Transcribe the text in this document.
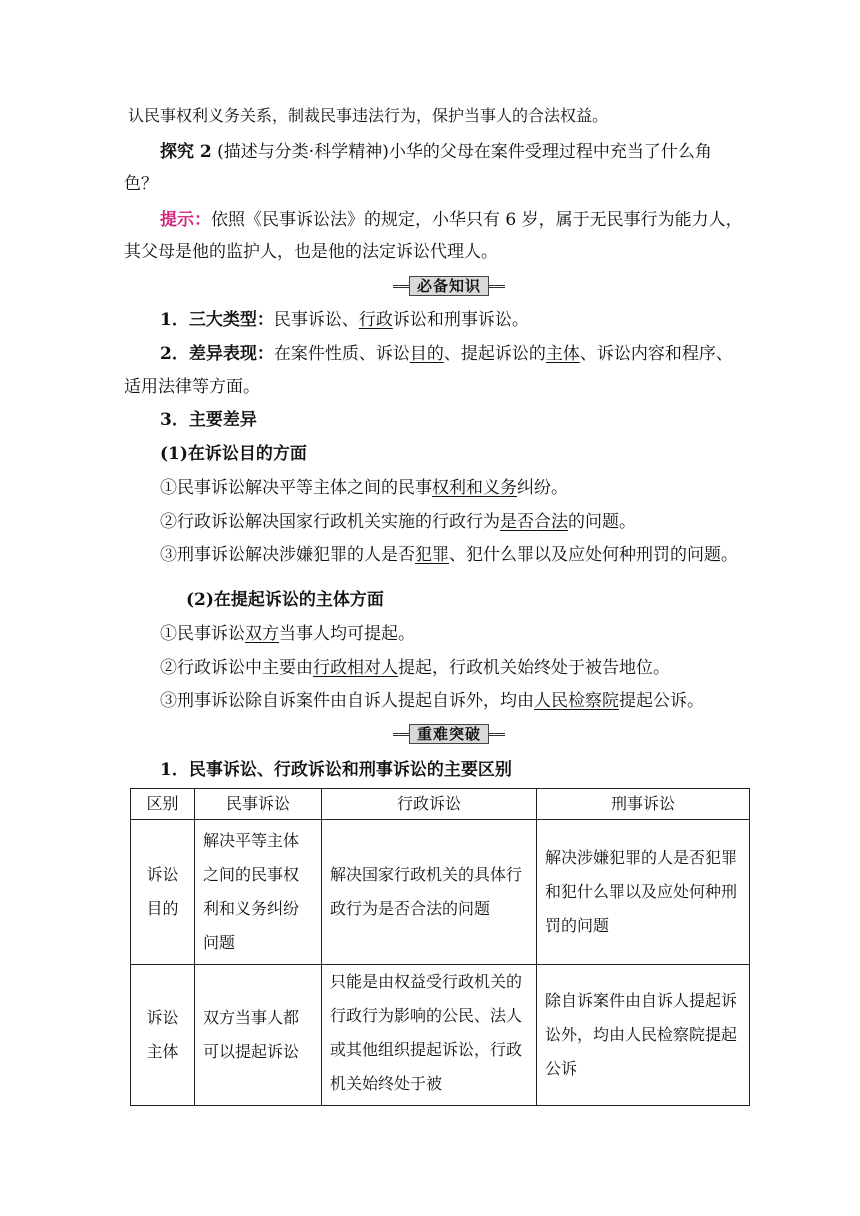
认民事权利义务关系，制裁民事违法行为，保护当事人的合法权益。
探究 2 (描述与分类·科学精神)小华的父母在案件受理过程中充当了什么角
色？
提示：依照《民事诉讼法》的规定，小华只有 6 岁，属于无民事行为能力人，
其父母是他的监护人，也是他的法定诉讼代理人。
必备知识
1．三大类型：民事诉讼、行政诉讼和刑事诉讼。
2．差异表现：在案件性质、诉讼目的、提起诉讼的主体、诉讼内容和程序、
适用法律等方面。
3．主要差异
(1)在诉讼目的方面
①民事诉讼解决平等主体之间的民事权利和义务纠纷。
②行政诉讼解决国家行政机关实施的行政行为是否合法的问题。
③刑事诉讼解决涉嫌犯罪的人是否犯罪、犯什么罪以及应处何种刑罚的问题。
(2)在提起诉讼的主体方面
①民事诉讼双方当事人均可提起。
②行政诉讼中主要由行政相对人提起，行政机关始终处于被告地位。
③刑事诉讼除自诉案件由自诉人提起自诉外，均由人民检察院提起公诉。
重难突破
1．民事诉讼、行政诉讼和刑事诉讼的主要区别
区别	民事诉讼	行政诉讼	刑事诉讼
诉讼目的	解决平等主体之间的民事权利和义务纠纷问题	解决国家行政机关的具体行政行为是否合法的问题	解决涉嫌犯罪的人是否犯罪和犯什么罪以及应处何种刑罚的问题
诉讼主体	双方当事人都可以提起诉讼	只能是由权益受行政机关的行政行为影响的公民、法人或其他组织提起诉讼，行政机关始终处于被	除自诉案件由自诉人提起诉讼外，均由人民检察院提起公诉
